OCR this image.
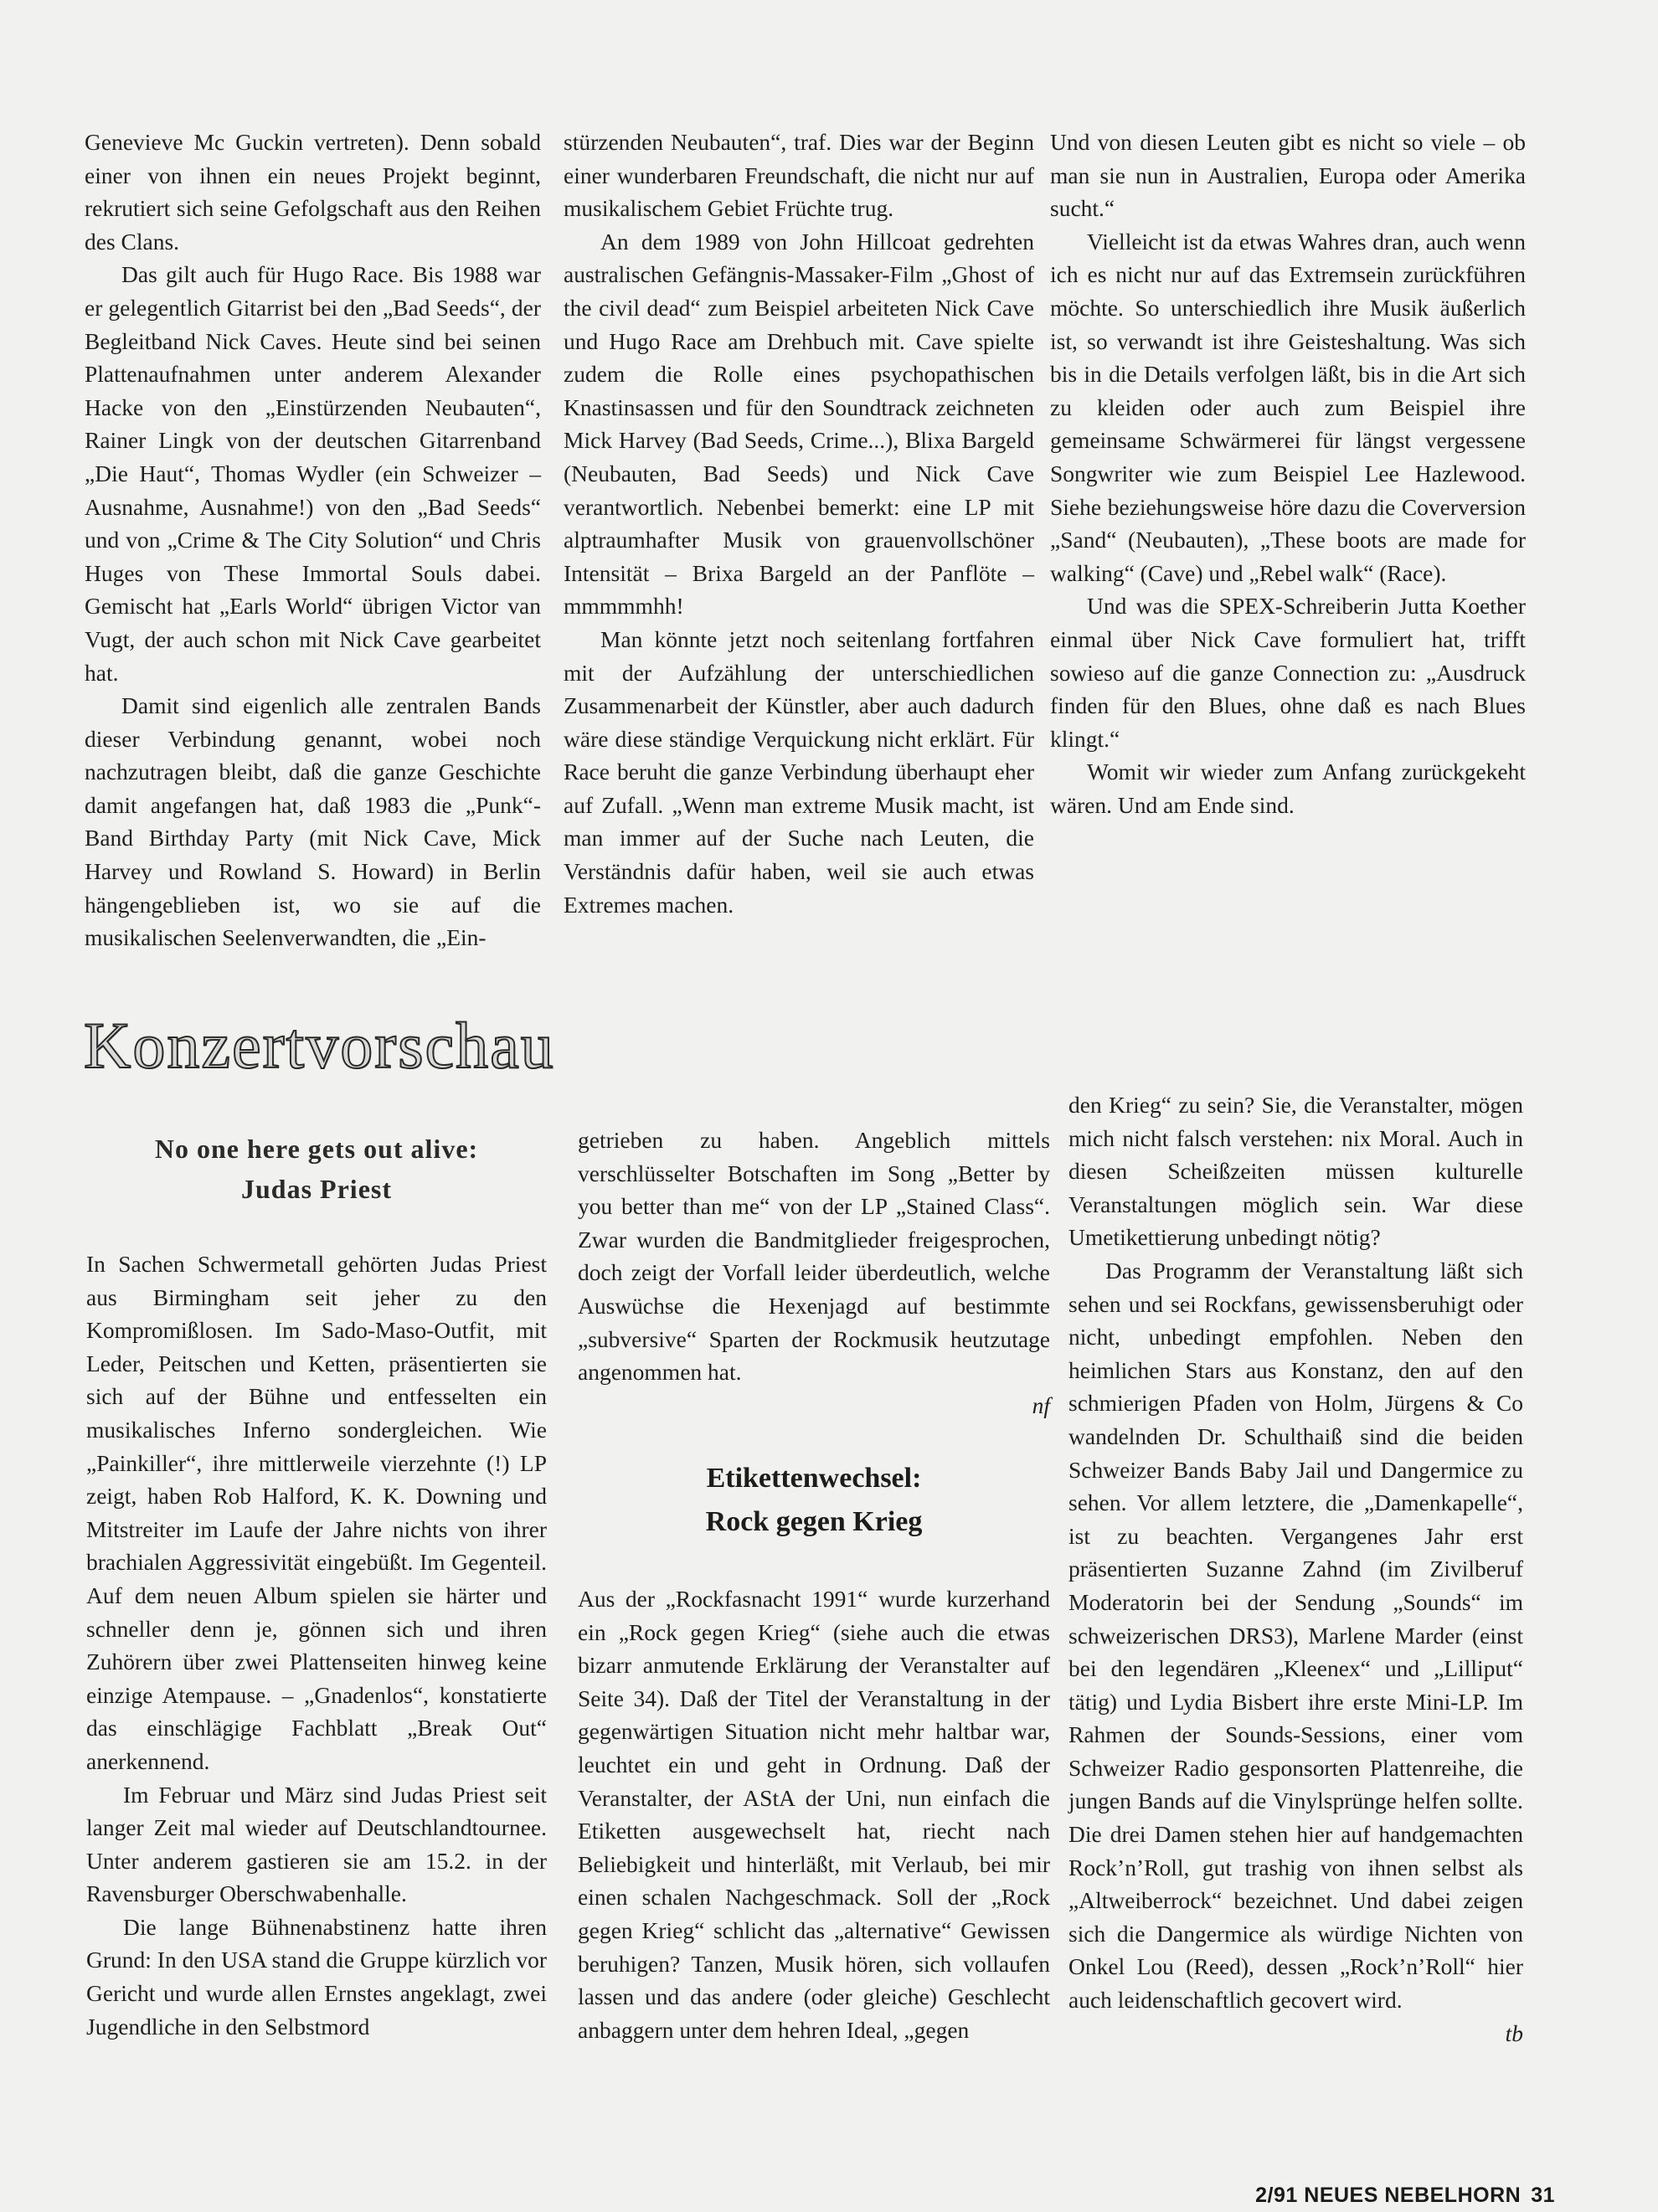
Genevieve Mc Guckin vertreten). Denn sobald einer von ihnen ein neues Projekt beginnt, rekrutiert sich seine Gefolgschaft aus den Reihen des Clans.

Das gilt auch für Hugo Race. Bis 1988 war er gelegentlich Gitarrist bei den „Bad Seeds“, der Begleitband Nick Caves. Heute sind bei seinen Plattenaufnahmen unter anderem Alexander Hacke von den „Einstürzenden Neubauten“, Rainer Lingk von der deutschen Gitarrenband „Die Haut“, Thomas Wydler (ein Schweizer – Ausnahme, Ausnahme!) von den „Bad Seeds“ und von „Crime & The City Solution“ und Chris Huges von These Immortal Souls dabei. Gemischt hat „Earls World“ übrigen Victor van Vugt, der auch schon mit Nick Cave gearbeitet hat.

Damit sind eigenlich alle zentralen Bands dieser Verbindung genannt, wobei noch nachzutragen bleibt, daß die ganze Geschichte damit angefangen hat, daß 1983 die „Punk“-Band Birthday Party (mit Nick Cave, Mick Harvey und Rowland S. Howard) in Berlin hängengeblieben ist, wo sie auf die musikalischen Seelenverwandten, die „Ein-

stürzenden Neubauten“, traf. Dies war der Beginn einer wunderbaren Freundschaft, die nicht nur auf musikalischem Gebiet Früchte trug.

An dem 1989 von John Hillcoat gedrehten australischen Gefängnis-Massaker-Film „Ghost of the civil dead“ zum Beispiel arbeiteten Nick Cave und Hugo Race am Drehbuch mit. Cave spielte zudem die Rolle eines psychopathischen Knastinsassen und für den Soundtrack zeichneten Mick Harvey (Bad Seeds, Crime...), Blixa Bargeld (Neubauten, Bad Seeds) und Nick Cave verantwortlich. Nebenbei bemerkt: eine LP mit alptraumhafter Musik von grauenvollschöner Intensität – Brixa Bargeld an der Panflöte – mmmmmhh!

Man könnte jetzt noch seitenlang fortfahren mit der Aufzählung der unterschiedlichen Zusammenarbeit der Künstler, aber auch dadurch wäre diese ständige Verquickung nicht erklärt. Für Race beruht die ganze Verbindung überhaupt eher auf Zufall. „Wenn man extreme Musik macht, ist man immer auf der Suche nach Leuten, die Verständnis dafür haben, weil sie auch etwas Extremes machen.

Und von diesen Leuten gibt es nicht so viele – ob man sie nun in Australien, Europa oder Amerika sucht.“

Vielleicht ist da etwas Wahres dran, auch wenn ich es nicht nur auf das Extremsein zurückführen möchte. So unterschiedlich ihre Musik äußerlich ist, so verwandt ist ihre Geisteshaltung. Was sich bis in die Details verfolgen läßt, bis in die Art sich zu kleiden oder auch zum Beispiel ihre gemeinsame Schwärmerei für längst vergessene Songwriter wie zum Beispiel Lee Hazlewood. Siehe beziehungsweise höre dazu die Coverversion „Sand“ (Neubauten), „These boots are made for walking“ (Cave) und „Rebel walk“ (Race).

Und was die SPEX-Schreiberin Jutta Koether einmal über Nick Cave formuliert hat, trifft sowieso auf die ganze Connection zu: „Ausdruck finden für den Blues, ohne daß es nach Blues klingt.“

Womit wir wieder zum Anfang zurückgekeht wären. Und am Ende sind.

Konzertvorschau
No one here gets out alive:
Judas Priest

In Sachen Schwermetall gehörten Judas Priest aus Birmingham seit jeher zu den Kompromißlosen. Im Sado-Maso-Outfit, mit Leder, Peitschen und Ketten, präsentierten sie sich auf der Bühne und entfesselten ein musikalisches Inferno sondergleichen. Wie „Painkiller“, ihre mittlerweile vierzehnte (!) LP zeigt, haben Rob Halford, K. K. Downing und Mitstreiter im Laufe der Jahre nichts von ihrer brachialen Aggressivität eingebüßt. Im Gegenteil. Auf dem neuen Album spielen sie härter und schneller denn je, gönnen sich und ihren Zuhörern über zwei Plattenseiten hinweg keine einzige Atempause. – „Gnadenlos“, konstatierte das einschlägige Fachblatt „Break Out“ anerkennend.

Im Februar und März sind Judas Priest seit langer Zeit mal wieder auf Deutschlandtournee. Unter anderem gastieren sie am 15.2. in der Ravensburger Oberschwabenhalle.

Die lange Bühnenabstinenz hatte ihren Grund: In den USA stand die Gruppe kürzlich vor Gericht und wurde allen Ernstes angeklagt, zwei Jugendliche in den Selbstmord

getrieben zu haben. Angeblich mittels verschlüsselter Botschaften im Song „Better by you better than me“ von der LP „Stained Class“. Zwar wurden die Bandmitglieder freigesprochen, doch zeigt der Vorfall leider überdeutlich, welche Auswüchse die Hexenjagd auf bestimmte „subversive“ Sparten der Rockmusik heutzutage angenommen hat.

nf

Etikettenwechsel:
Rock gegen Krieg

Aus der „Rockfasnacht 1991“ wurde kurzerhand ein „Rock gegen Krieg“ (siehe auch die etwas bizarr anmutende Erklärung der Veranstalter auf Seite 34). Daß der Titel der Veranstaltung in der gegenwärtigen Situation nicht mehr haltbar war, leuchtet ein und geht in Ordnung. Daß der Veranstalter, der AStA der Uni, nun einfach die Etiketten ausgewechselt hat, riecht nach Beliebigkeit und hinterläßt, mit Verlaub, bei mir einen schalen Nachgeschmack. Soll der „Rock gegen Krieg“ schlicht das „alternative“ Gewissen beruhigen? Tanzen, Musik hören, sich vollaufen lassen und das andere (oder gleiche) Geschlecht anbaggern unter dem hehren Ideal, „gegen

den Krieg“ zu sein? Sie, die Veranstalter, mögen mich nicht falsch verstehen: nix Moral. Auch in diesen Scheißzeiten müssen kulturelle Veranstaltungen möglich sein. War diese Umetikettierung unbedingt nötig?

Das Programm der Veranstaltung läßt sich sehen und sei Rockfans, gewissensberuhigt oder nicht, unbedingt empfohlen. Neben den heimlichen Stars aus Konstanz, den auf den schmierigen Pfaden von Holm, Jürgens & Co wandelnden Dr. Schulthaiß sind die beiden Schweizer Bands Baby Jail und Dangermice zu sehen. Vor allem letztere, die „Damenkapelle“, ist zu beachten. Vergangenes Jahr erst präsentierten Suzanne Zahnd (im Zivilberuf Moderatorin bei der Sendung „Sounds“ im schweizerischen DRS3), Marlene Marder (einst bei den legendären „Kleenex“ und „Lilliput“ tätig) und Lydia Bisbert ihre erste Mini-LP. Im Rahmen der Sounds-Sessions, einer vom Schweizer Radio gesponsorten Plattenreihe, die jungen Bands auf die Vinylsprünge helfen sollte. Die drei Damen stehen hier auf handgemachten Rock’n’Roll, gut trashig von ihnen selbst als „Altweiberrock“ bezeichnet. Und dabei zeigen sich die Dangermice als würdige Nichten von Onkel Lou (Reed), dessen „Rock’n’Roll“ hier auch leidenschaftlich gecovert wird.

tb

2/91 NEUES NEBELHORN 31
